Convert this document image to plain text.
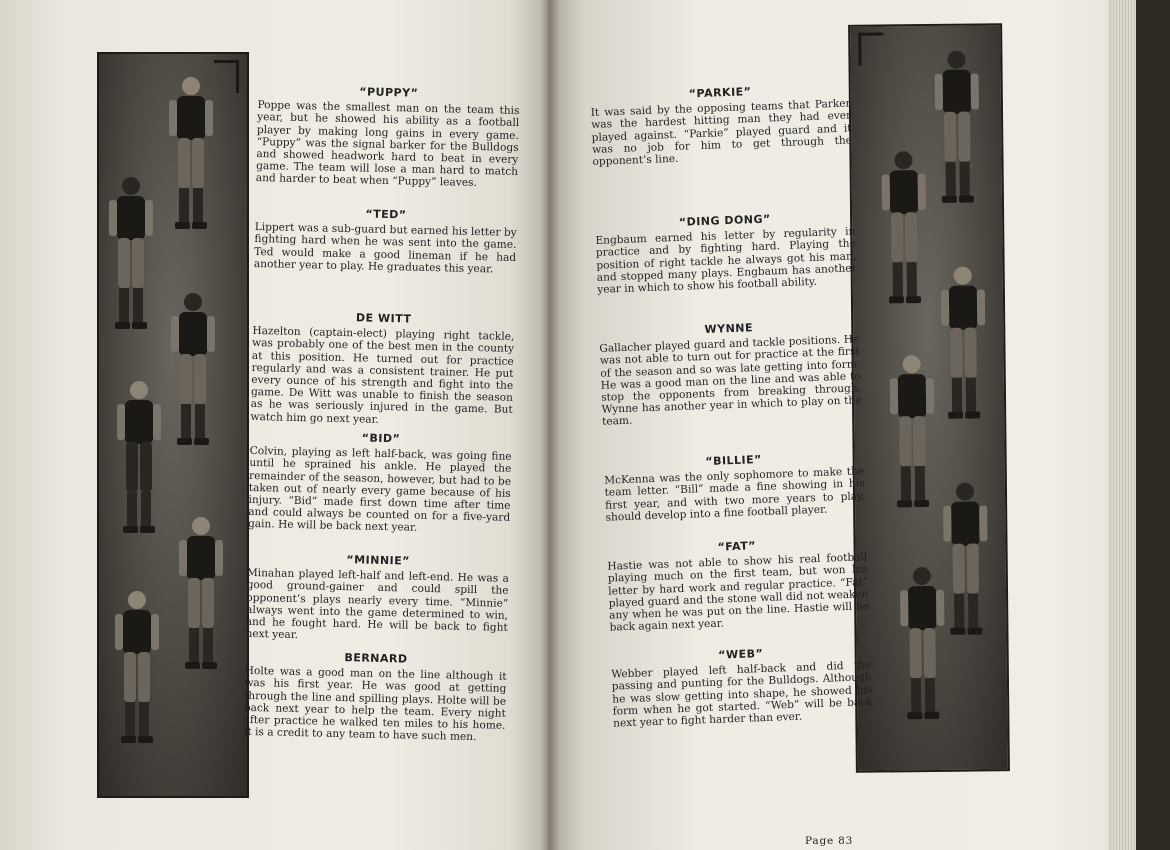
“PUPPY”

Poppe was the smallest man on the team this year, but he showed his ability as a football player by making long gains in every game. “Puppy” was the signal barker for the Bulldogs and showed headwork hard to beat in every game. The team will lose a man hard to match and harder to beat when “Puppy” leaves.

“TED”

Lippert was a sub-guard but earned his letter by fighting hard when he was sent into the game. Ted would make a good lineman if he had another year to play. He graduates this year.

DE WITT

Hazelton (captain-elect) playing right tackle, was probably one of the best men in the county at this position. He turned out for practice regularly and was a consistent trainer. He put every ounce of his strength and fight into the game. De Witt was unable to finish the season as he was seriously injured in the game. But watch him go next year.

“BID”

Colvin, playing as left half-back, was going fine until he sprained his ankle. He played the remainder of the season, however, but had to be taken out of nearly every game because of his injury. “Bid” made first down time after time and could always be counted on for a five-yard gain. He will be back next year.

“MINNIE”

Minahan played left-half and left-end. He was a good ground-gainer and could spill the opponent’s plays nearly every time. “Minnie” always went into the game determined to win, and he fought hard. He will be back to fight next year.

BERNARD

Holte was a good man on the line although it was his first year. He was good at getting through the line and spilling plays. Holte will be back next year to help the team. Every night after practice he walked ten miles to his home. It is a credit to any team to have such men.

“PARKIE”

It was said by the opposing teams that Parker was the hardest hitting man they had ever played against. “Parkie” played guard and it was no job for him to get through the opponent’s line.

“DING DONG”

Engbaum earned his letter by regularity in practice and by fighting hard. Playing the position of right tackle he always got his man, and stopped many plays. Engbaum has another year in which to show his football ability.

WYNNE

Gallacher played guard and tackle positions. He was not able to turn out for practice at the first of the season and so was late getting into form. He was a good man on the line and was able to stop the opponents from breaking through. Wynne has another year in which to play on the team.

“BILLIE”

McKenna was the only sophomore to make the team letter. “Bill” made a fine showing in his first year, and with two more years to play, should develop into a fine football player.

“FAT”

Hastie was not able to show his real football playing much on the first team, but won his letter by hard work and regular practice. “Fat” played guard and the stone wall did not weaken any when he was put on the line. Hastie will be back again next year.

“WEB”

Webber played left half-back and did the passing and punting for the Bulldogs. Although he was slow getting into shape, he showed his form when he got started. “Web” will be back next year to fight harder than ever.

Page 83
